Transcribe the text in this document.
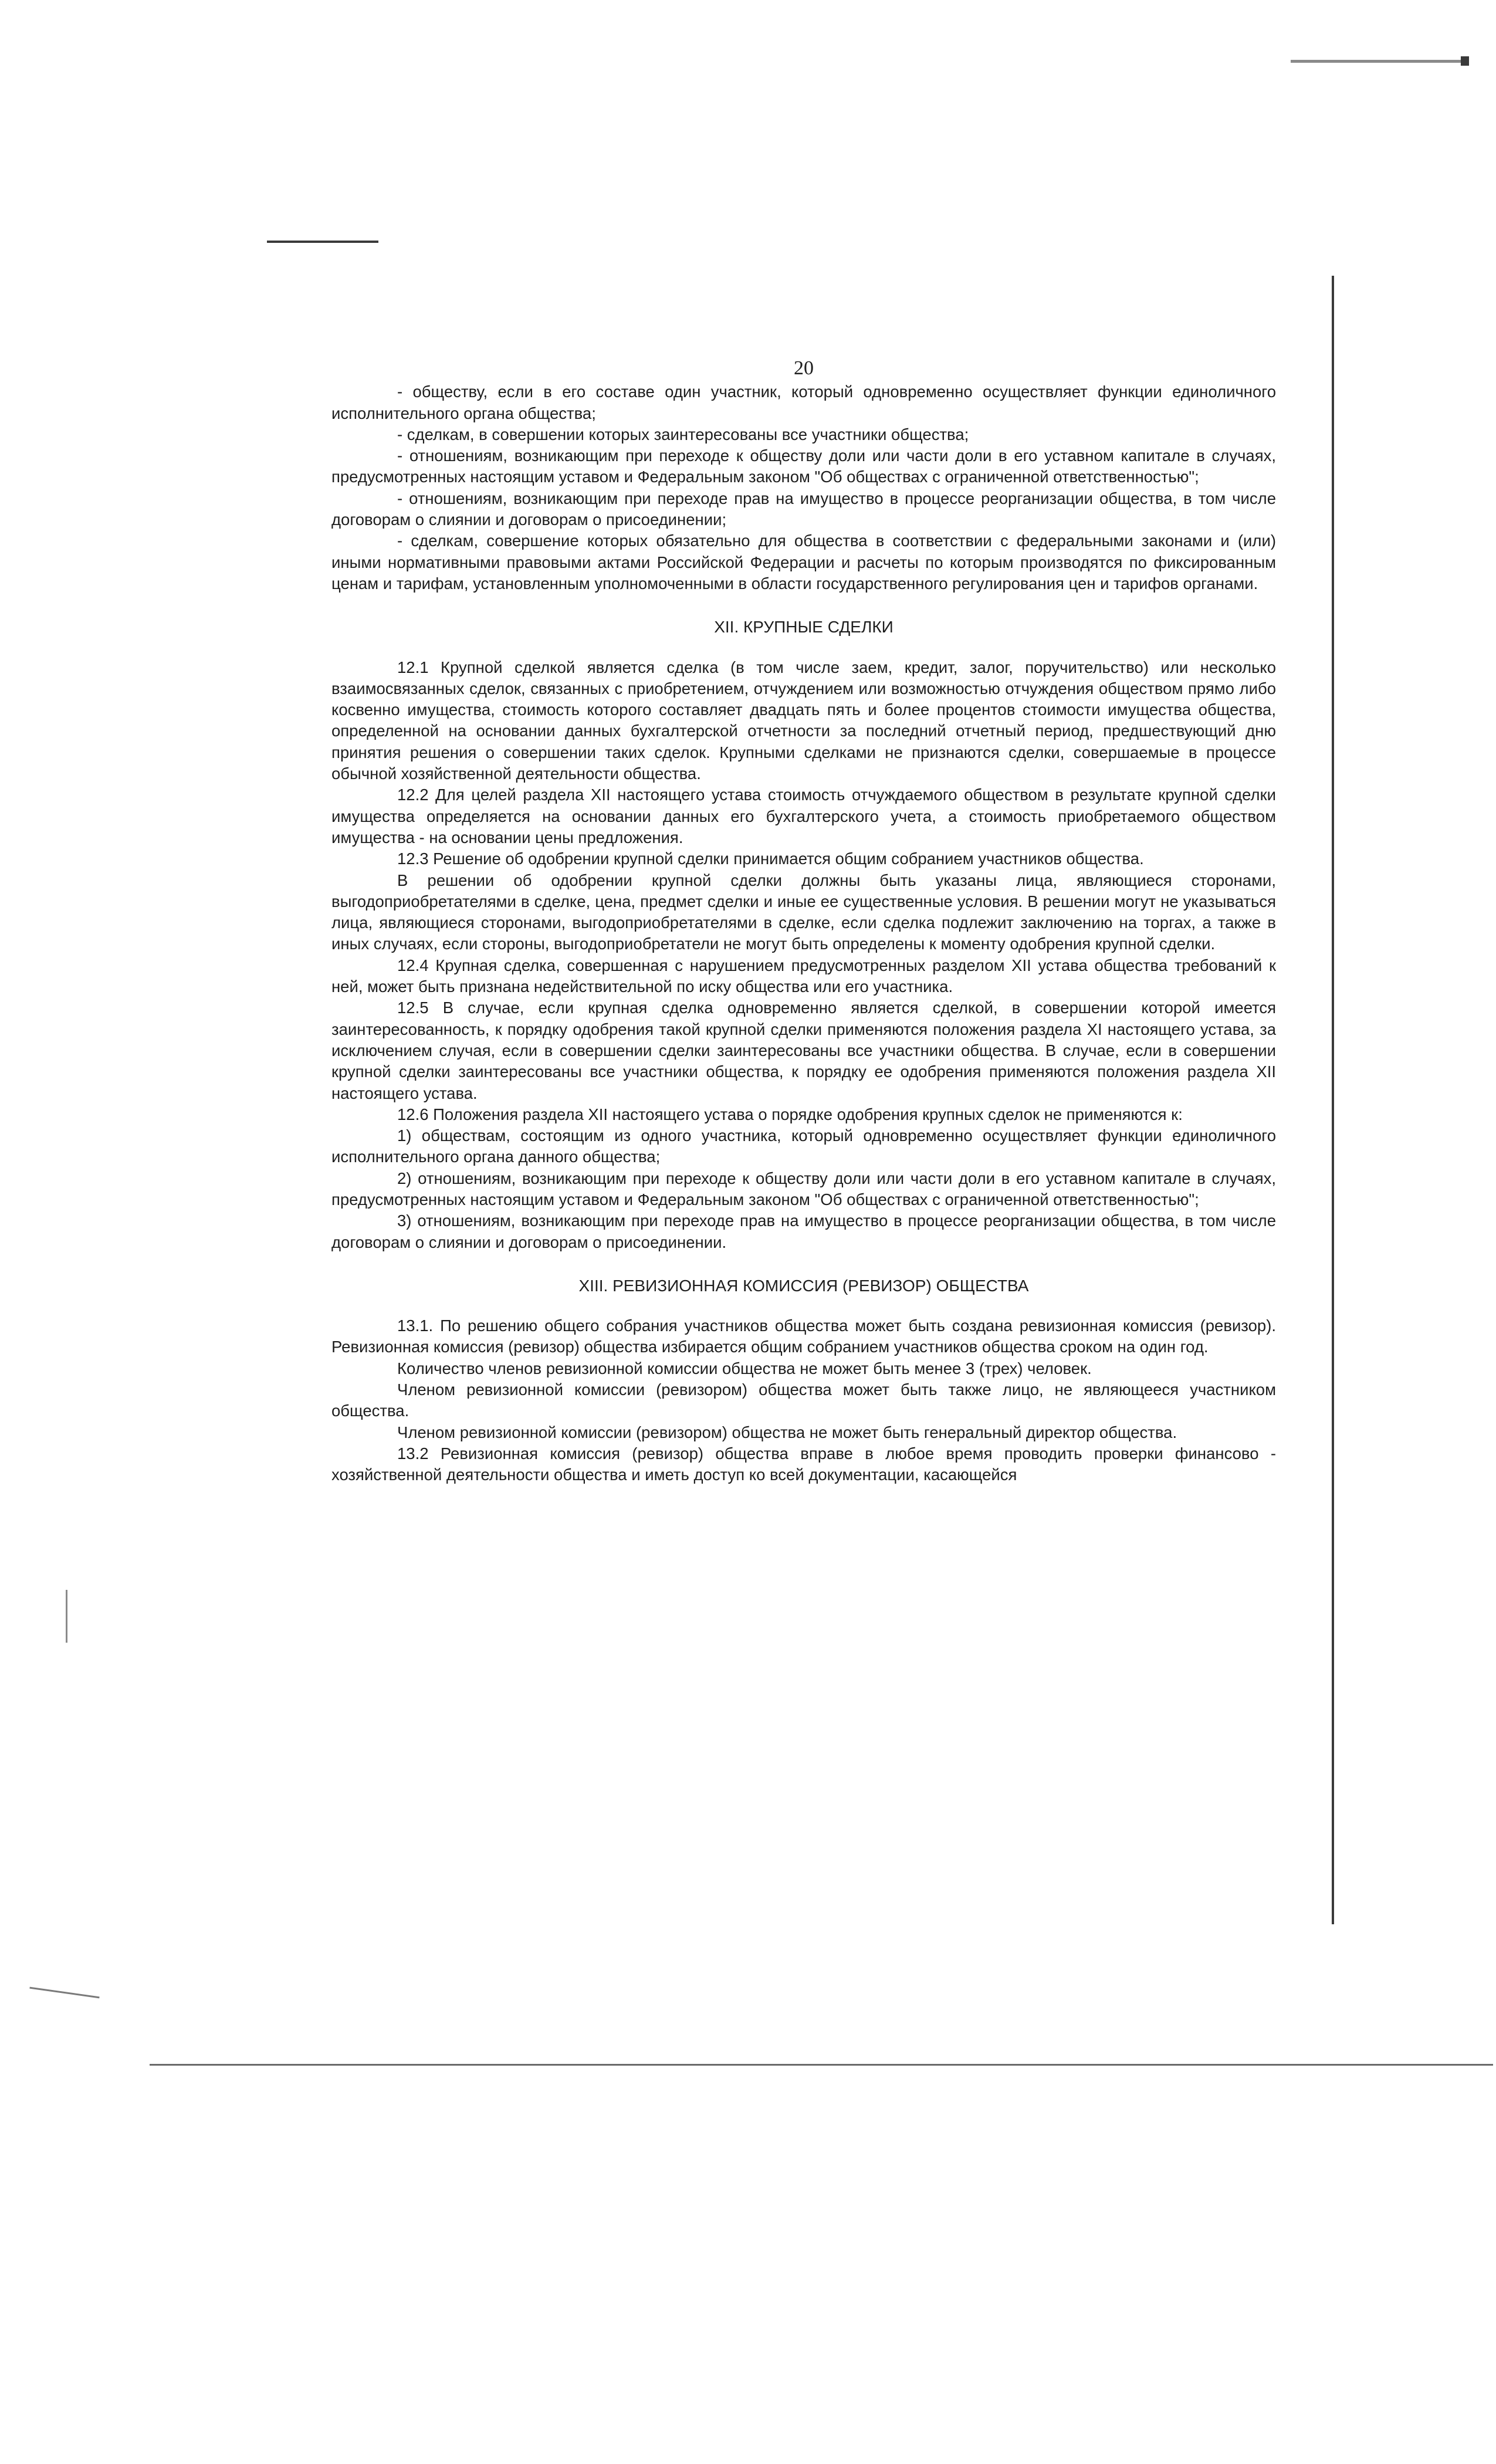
20

- обществу, если в его составе один участник, который одновременно осуществляет функции единоличного исполнительного органа общества;

- сделкам, в совершении которых заинтересованы все участники общества;

- отношениям, возникающим при переходе к обществу доли или части доли в его уставном капитале в случаях, предусмотренных настоящим уставом и Федеральным законом "Об обществах с ограниченной ответственностью";

- отношениям, возникающим при переходе прав на имущество в процессе реорганизации общества, в том числе договорам о слиянии и договорам о присоединении;

- сделкам, совершение которых обязательно для общества в соответствии с федеральными законами и (или) иными нормативными правовыми актами Российской Федерации и расчеты по которым производятся по фиксированным ценам и тарифам, установленным уполномоченными в области государственного регулирования цен и тарифов органами.

XII. КРУПНЫЕ СДЕЛКИ

12.1 Крупной сделкой является сделка (в том числе заем, кредит, залог, поручительство) или несколько взаимосвязанных сделок, связанных с приобретением, отчуждением или возможностью отчуждения обществом прямо либо косвенно имущества, стоимость которого составляет двадцать пять и более процентов стоимости имущества общества, определенной на основании данных бухгалтерской отчетности за последний отчетный период, предшествующий дню принятия решения о совершении таких сделок. Крупными сделками не признаются сделки, совершаемые в процессе обычной хозяйственной деятельности общества.

12.2 Для целей раздела XII настоящего устава стоимость отчуждаемого обществом в результате крупной сделки имущества определяется на основании данных его бухгалтерского учета, а стоимость приобретаемого обществом имущества - на основании цены предложения.

12.3 Решение об одобрении крупной сделки принимается общим собранием участников общества.

В решении об одобрении крупной сделки должны быть указаны лица, являющиеся сторонами, выгодоприобретателями в сделке, цена, предмет сделки и иные ее существенные условия. В решении могут не указываться лица, являющиеся сторонами, выгодоприобретателями в сделке, если сделка подлежит заключению на торгах, а также в иных случаях, если стороны, выгодоприобретатели не могут быть определены к моменту одобрения крупной сделки.

12.4 Крупная сделка, совершенная с нарушением предусмотренных разделом XII устава общества требований к ней, может быть признана недействительной по иску общества или его участника.

12.5 В случае, если крупная сделка одновременно является сделкой, в совершении которой имеется заинтересованность, к порядку одобрения такой крупной сделки применяются положения раздела XI настоящего устава, за исключением случая, если в совершении сделки заинтересованы все участники общества. В случае, если в совершении крупной сделки заинтересованы все участники общества, к порядку ее одобрения применяются положения раздела XII настоящего устава.

12.6 Положения раздела XII настоящего устава о порядке одобрения крупных сделок не применяются к:

1) обществам, состоящим из одного участника, который одновременно осуществляет функции единоличного исполнительного органа данного общества;

2) отношениям, возникающим при переходе к обществу доли или части доли в его уставном капитале в случаях, предусмотренных настоящим уставом и Федеральным законом "Об обществах с ограниченной ответственностью";

3) отношениям, возникающим при переходе прав на имущество в процессе реорганизации общества, в том числе договорам о слиянии и договорам о присоединении.

XIII. РЕВИЗИОННАЯ КОМИССИЯ (РЕВИЗОР) ОБЩЕСТВА

13.1. По решению общего собрания участников общества может быть создана ревизионная комиссия (ревизор). Ревизионная комиссия (ревизор) общества избирается общим собранием участников общества сроком на один год.

Количество членов ревизионной комиссии общества не может быть менее 3 (трех) человек.

Членом ревизионной комиссии (ревизором) общества может быть также лицо, не являющееся участником общества.

Членом ревизионной комиссии (ревизором) общества не может быть генеральный директор общества.

13.2 Ревизионная комиссия (ревизор) общества вправе в любое время проводить проверки финансово - хозяйственной деятельности общества и иметь доступ ко всей документации, касающейся
